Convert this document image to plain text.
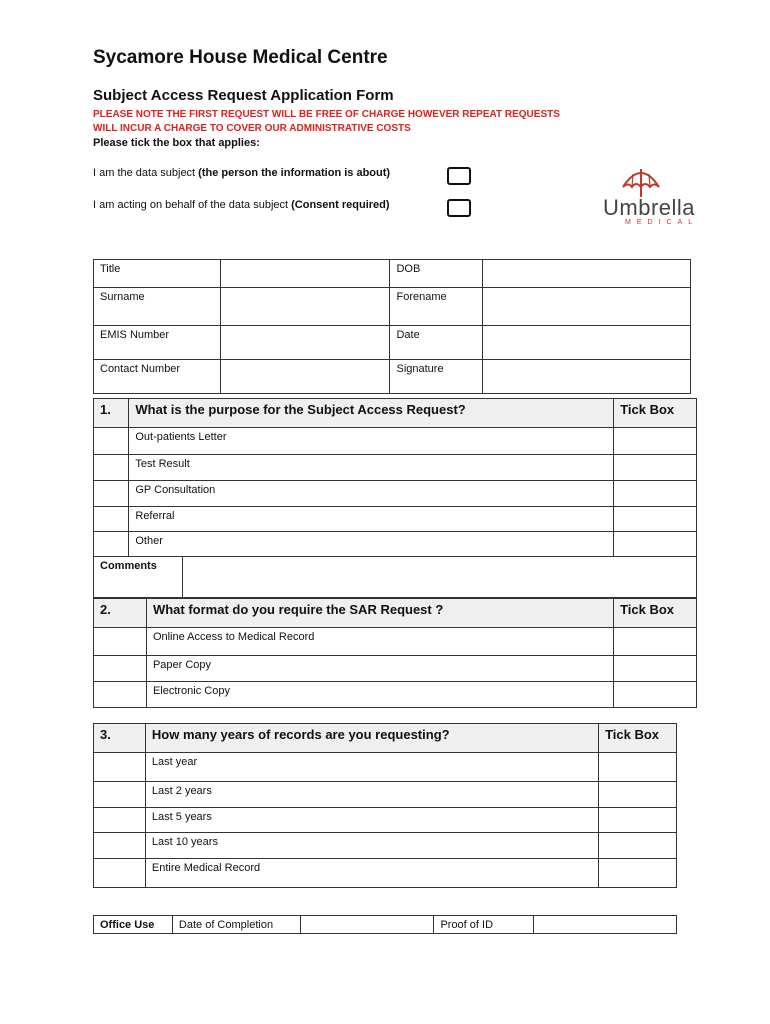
Sycamore House Medical Centre
Subject Access Request Application Form
PLEASE NOTE THE FIRST REQUEST WILL BE FREE OF CHARGE HOWEVER REPEAT REQUESTS
WILL INCUR A CHARGE TO COVER OUR ADMINISTRATIVE COSTS
Please tick the box that applies:
I am the data subject (the person the information is about)
I am acting on behalf of the data subject (Consent required)	Umbrella
MEDICAL
Title		DOB	
Surname		Forename	
EMIS Number		Date	
Contact Number		Signature	
1.	What is the purpose for the Subject Access Request?		Tick Box
	Out-patients Letter		
	Test Result		
	GP Consultation		
	Referral		
	Other		
Comments			
2.	What format do you require the SAR Request ?	Tick Box
	Online Access to Medical Record	
	Paper Copy	
	Electronic Copy	
3.	How many years of records are you requesting?	Tick Box
	Last year	
	Last 2 years	
	Last 5 years	
	Last 10 years	
	Entire Medical Record	
Office Use	Date of Completion		Proof of ID	
